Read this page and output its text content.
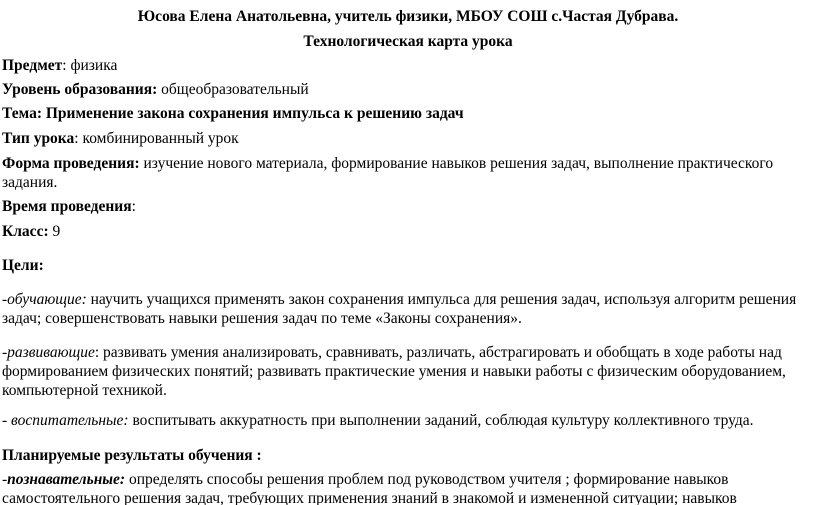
Юсова Елена Анатольевна, учитель физики, МБОУ СОШ с.Частая Дубрава.
Технологическая карта урока
Предмет: физика
Уровень образования: общеобразовательный
Тема: Применение закона сохранения импульса к решению задач
Тип урока: комбинированный урок
Форма проведения: изучение нового материала, формирование навыков решения задач, выполнение практического
задания.
Время проведения:
Класс: 9
Цели:
-обучающие: научить учащихся применять закон сохранения импульса для решения задач, используя алгоритм решения
задач; совершенствовать навыки решения задач по теме «Законы сохранения».
-развивающие: развивать умения анализировать, сравнивать, различать, абстрагировать и обобщать в ходе работы над
формированием физических понятий; развивать практические умения и навыки работы с физическим оборудованием,
компьютерной техникой.
- воспитательные: воспитывать аккуратность при выполнении заданий, соблюдая культуру коллективного труда.
Планируемые результаты обучения :
-познавательные: определять способы решения проблем под руководством учителя ; формирование навыков
самостоятельного решения задач, требующих применения знаний в знакомой и измененной ситуации; навыков
